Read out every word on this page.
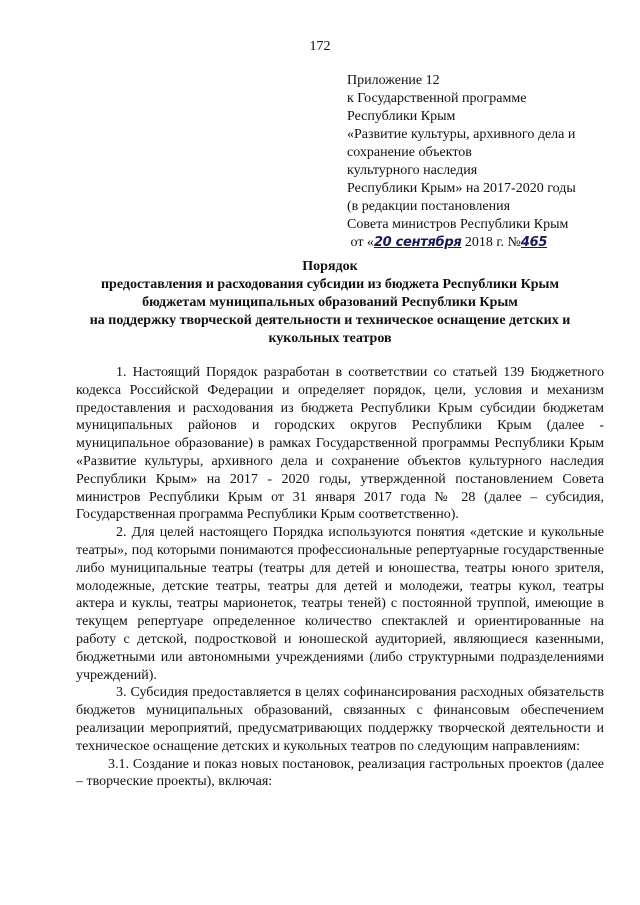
172
Приложение 12
к Государственной программе
Республики Крым
«Развитие культуры, архивного дела и
сохранение объектов
культурного наследия
Республики Крым» на 2017-2020 годы
(в редакции постановления
Совета министров Республики Крым
от «20 сентября 2018 г. №465
Порядок
предоставления и расходования субсидии из бюджета Республики Крым
бюджетам муниципальных образований Республики Крым
на поддержку творческой деятельности и техническое оснащение детских и
кукольных театров

1. Настоящий Порядок разработан в соответствии со статьей 139 Бюджетного кодекса Российской Федерации и определяет порядок, цели, условия и механизм предоставления и расходования из бюджета Республики Крым субсидии бюджетам муниципальных районов и городских округов Республики Крым (далее - муниципальное образование) в рамках Государственной программы Республики Крым «Развитие культуры, архивного дела и сохранение объектов культурного наследия Республики Крым» на 2017 - 2020 годы, утвержденной постановлением Совета министров Республики Крым от 31 января 2017 года № 28 (далее – субсидия, Государственная программа Республики Крым соответственно).

2. Для целей настоящего Порядка используются понятия «детские и кукольные театры», под которыми понимаются профессиональные репертуарные государственные либо муниципальные театры (театры для детей и юношества, театры юного зрителя, молодежные, детские театры, театры для детей и молодежи, театры кукол, театры актера и куклы, театры марионеток, театры теней) с постоянной труппой, имеющие в текущем репертуаре определенное количество спектаклей и ориентированные на работу с детской, подростковой и юношеской аудиторией, являющиеся казенными, бюджетными или автономными учреждениями (либо структурными подразделениями учреждений).

3. Субсидия предоставляется в целях софинансирования расходных обязательств бюджетов муниципальных образований, связанных с финансовым обеспечением реализации мероприятий, предусматривающих поддержку творческой деятельности и техническое оснащение детских и кукольных театров по следующим направлениям:

3.1. Создание и показ новых постановок, реализация гастрольных проектов (далее – творческие проекты), включая:
